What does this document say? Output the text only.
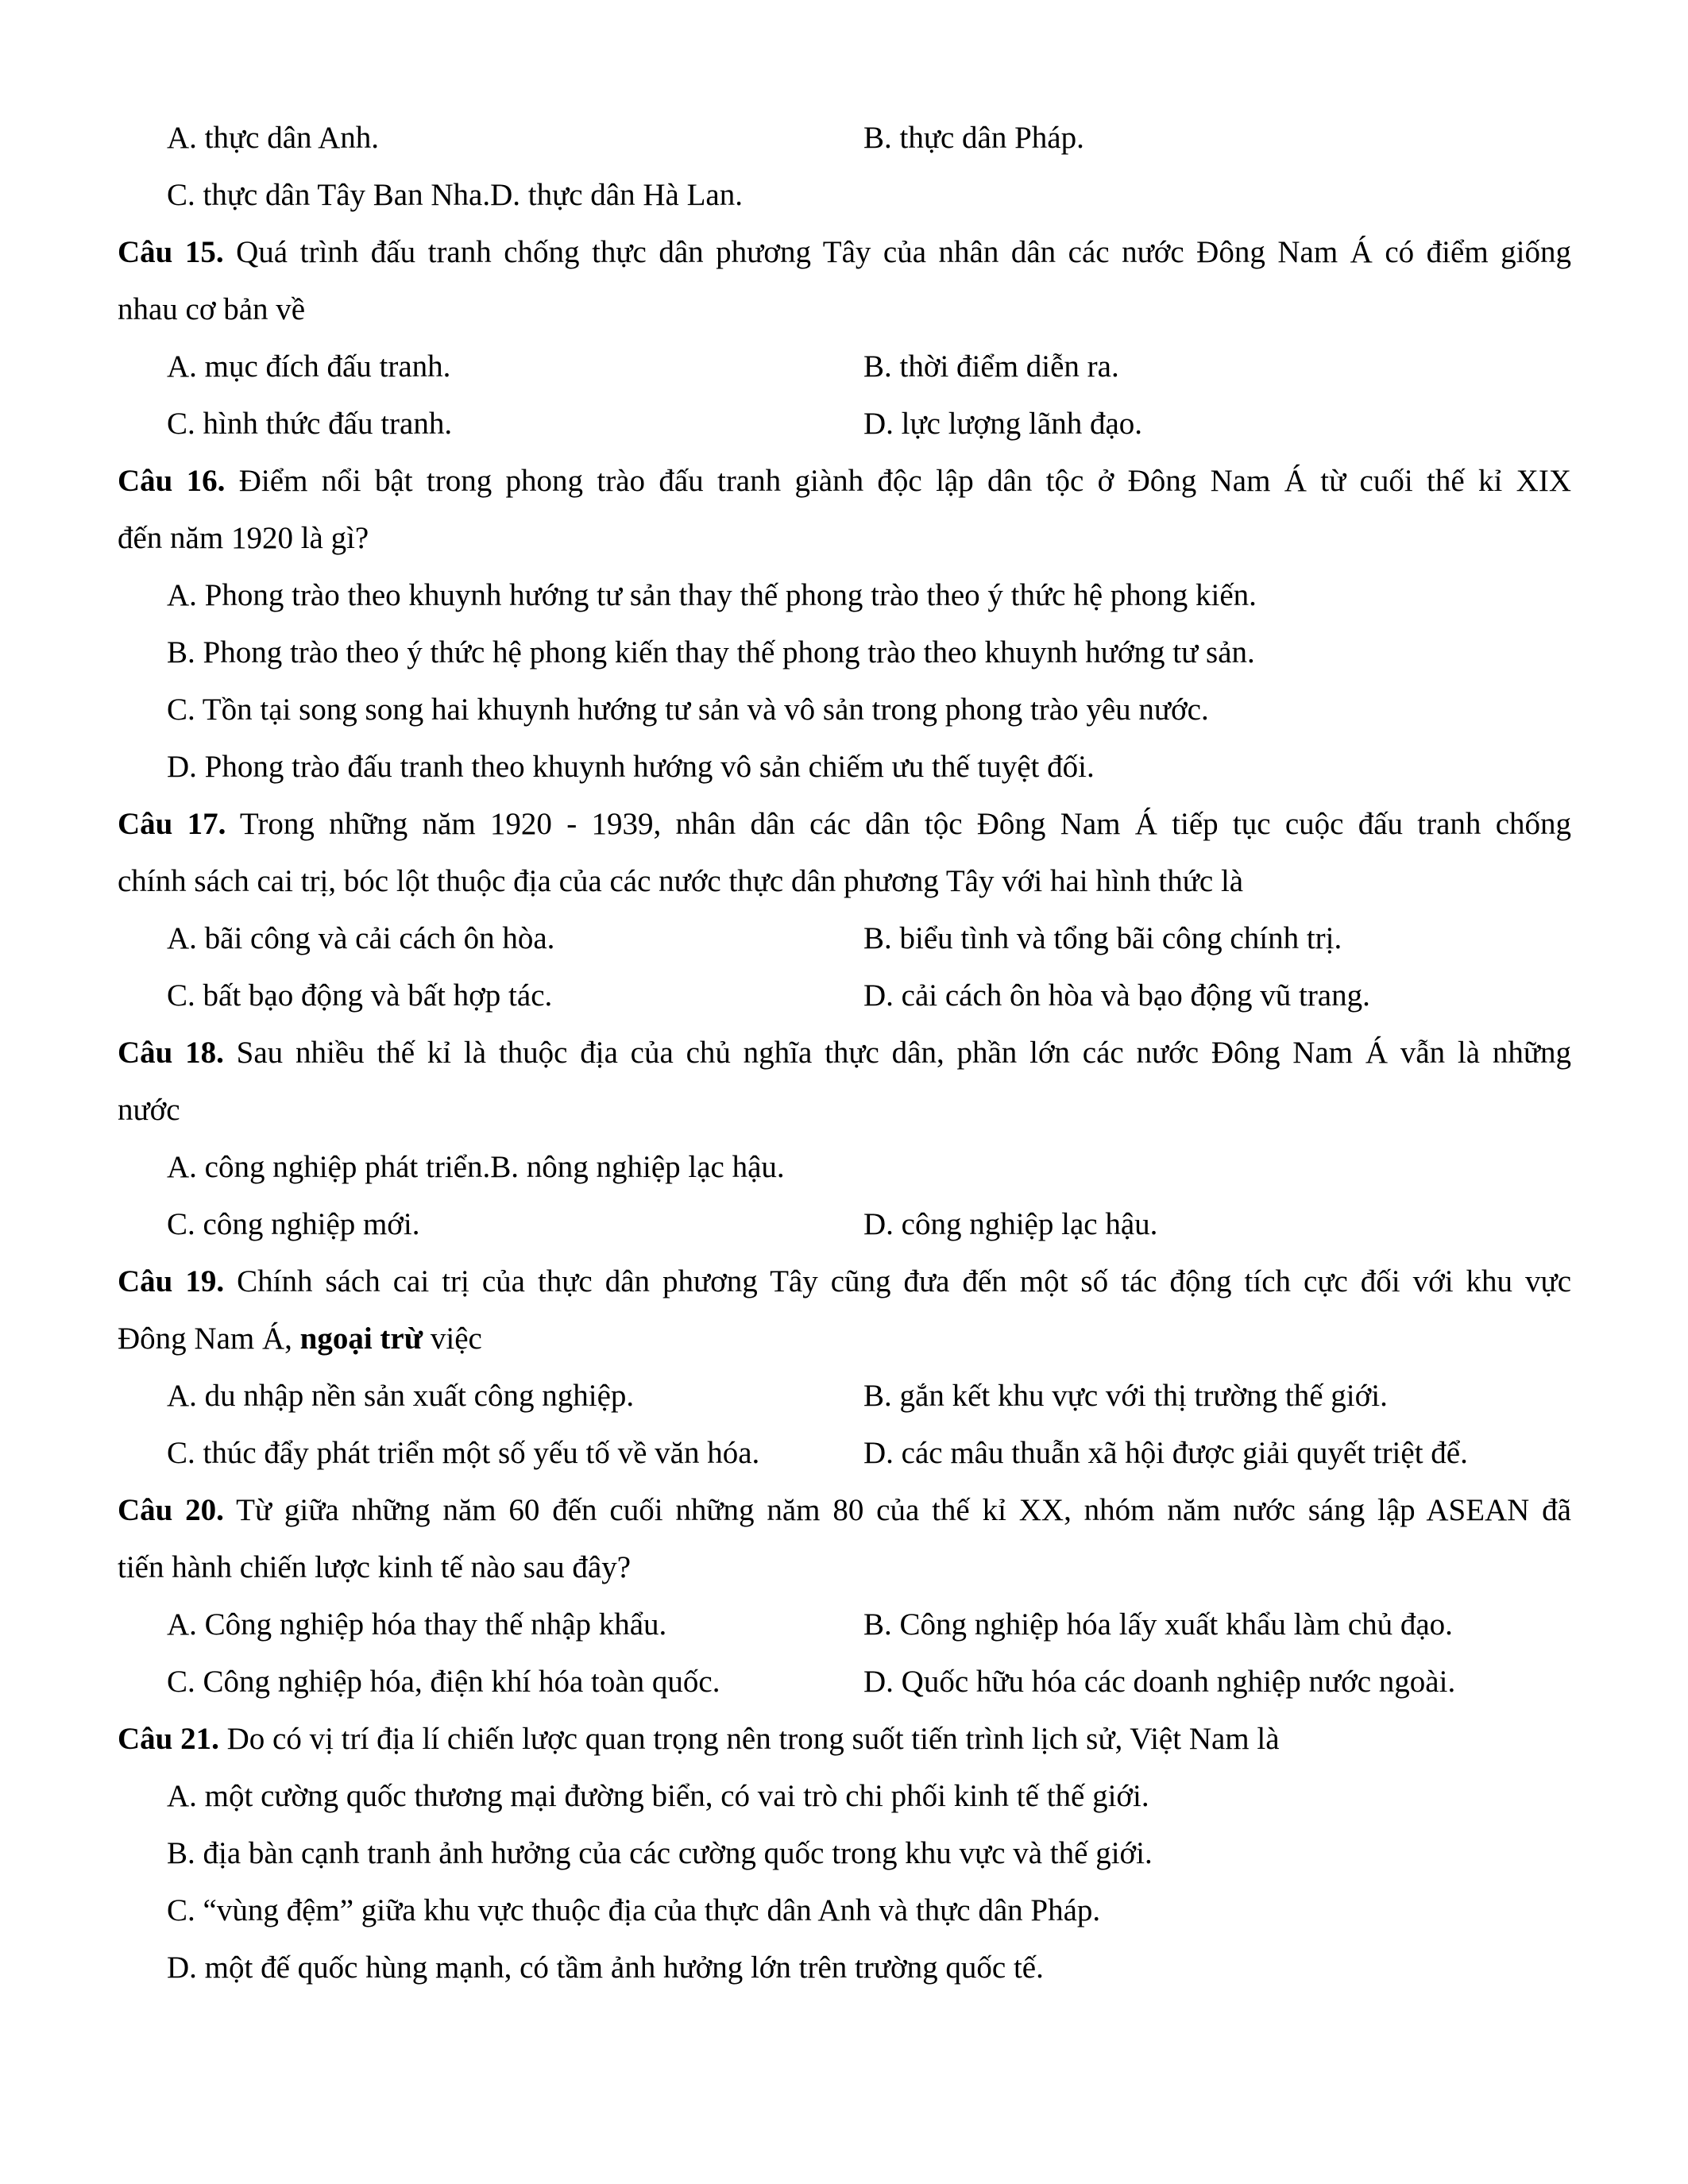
A. thực dân Anh.	B. thực dân Pháp.
C. thực dân Tây Ban Nha.D. thực dân Hà Lan.
Câu 15. Quá trình đấu tranh chống thực dân phương Tây của nhân dân các nước Đông Nam Á có điểm giống
nhau cơ bản về
A. mục đích đấu tranh.	B. thời điểm diễn ra.
C. hình thức đấu tranh.	D. lực lượng lãnh đạo.
Câu 16. Điểm nổi bật trong phong trào đấu tranh giành độc lập dân tộc ở Đông Nam Á từ cuối thế kỉ XIX
đến năm 1920 là gì?
A. Phong trào theo khuynh hướng tư sản thay thế phong trào theo ý thức hệ phong kiến.
B. Phong trào theo ý thức hệ phong kiến thay thế phong trào theo khuynh hướng tư sản.
C. Tồn tại song song hai khuynh hướng tư sản và vô sản trong phong trào yêu nước.
D. Phong trào đấu tranh theo khuynh hướng vô sản chiếm ưu thế tuyệt đối.
Câu 17. Trong những năm 1920 - 1939, nhân dân các dân tộc Đông Nam Á tiếp tục cuộc đấu tranh chống
chính sách cai trị, bóc lột thuộc địa của các nước thực dân phương Tây với hai hình thức là
A. bãi công và cải cách ôn hòa.	B. biểu tình và tổng bãi công chính trị.
C. bất bạo động và bất hợp tác.	D. cải cách ôn hòa và bạo động vũ trang.
Câu 18. Sau nhiều thế kỉ là thuộc địa của chủ nghĩa thực dân, phần lớn các nước Đông Nam Á vẫn là những
nước
A. công nghiệp phát triển.B. nông nghiệp lạc hậu.
C. công nghiệp mới.	D. công nghiệp lạc hậu.
Câu 19. Chính sách cai trị của thực dân phương Tây cũng đưa đến một số tác động tích cực đối với khu vực
Đông Nam Á, ngoại trừ việc
A. du nhập nền sản xuất công nghiệp.	B. gắn kết khu vực với thị trường thế giới.
C. thúc đẩy phát triển một số yếu tố về văn hóa.	D. các mâu thuẫn xã hội được giải quyết triệt để.
Câu 20. Từ giữa những năm 60 đến cuối những năm 80 của thế kỉ XX, nhóm năm nước sáng lập ASEAN đã
tiến hành chiến lược kinh tế nào sau đây?
A. Công nghiệp hóa thay thế nhập khẩu.	B. Công nghiệp hóa lấy xuất khẩu làm chủ đạo.
C. Công nghiệp hóa, điện khí hóa toàn quốc.	D. Quốc hữu hóa các doanh nghiệp nước ngoài.
Câu 21. Do có vị trí địa lí chiến lược quan trọng nên trong suốt tiến trình lịch sử, Việt Nam là
A. một cường quốc thương mại đường biển, có vai trò chi phối kinh tế thế giới.
B. địa bàn cạnh tranh ảnh hưởng của các cường quốc trong khu vực và thế giới.
C. “vùng đệm” giữa khu vực thuộc địa của thực dân Anh và thực dân Pháp.
D. một đế quốc hùng mạnh, có tầm ảnh hưởng lớn trên trường quốc tế.
